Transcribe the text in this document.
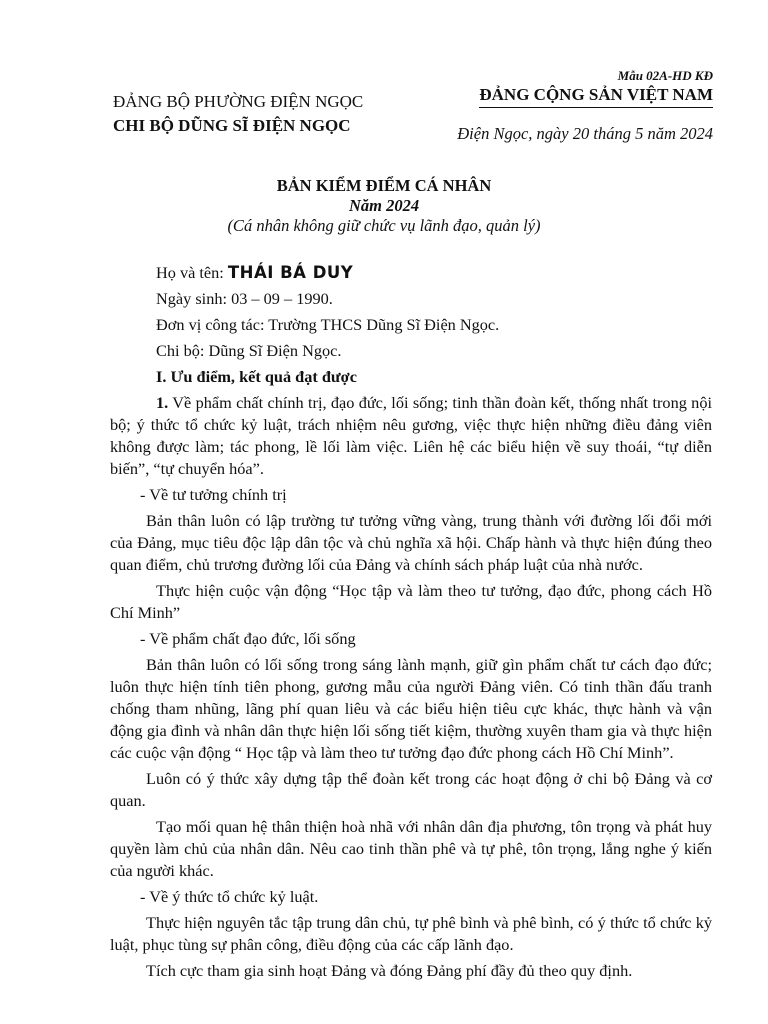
ĐẢNG BỘ PHƯỜNG ĐIỆN NGỌC
CHI BỘ DŨNG SĨ ĐIỆN NGỌC
Mẫu 02A-HD KĐ
ĐẢNG CỘNG SẢN VIỆT NAM
Điện Ngọc, ngày 20 tháng 5 năm 2024
BẢN KIỂM ĐIỂM CÁ NHÂN
Năm 2024
(Cá nhân không giữ chức vụ lãnh đạo, quản lý)

Họ và tên: THÁI BÁ DUY

Ngày sinh: 03 – 09 – 1990.

Đơn vị công tác: Trường THCS Dũng Sĩ Điện Ngọc.

Chi bộ: Dũng Sĩ Điện Ngọc.

I. Ưu điểm, kết quả đạt được

1. Về phẩm chất chính trị, đạo đức, lối sống; tinh thần đoàn kết, thống nhất trong nội bộ; ý thức tổ chức kỷ luật, trách nhiệm nêu gương, việc thực hiện những điều đảng viên không được làm; tác phong, lề lối làm việc. Liên hệ các biểu hiện về suy thoái, “tự diễn biến”, “tự chuyển hóa”.

- Về tư tưởng chính trị

Bản thân luôn có lập trường tư tưởng vững vàng, trung thành với đường lối đổi mới của Đảng, mục tiêu độc lập dân tộc và chủ nghĩa xã hội. Chấp hành và thực hiện đúng theo quan điểm, chủ trương đường lối của Đảng và chính sách pháp luật của nhà nước.

Thực hiện cuộc vận động “Học tập và làm theo tư tưởng, đạo đức, phong cách Hồ Chí Minh”

- Về phẩm chất đạo đức, lối sống

Bản thân luôn có lối sống trong sáng lành mạnh, giữ gìn phẩm chất tư cách đạo đức; luôn thực hiện tính tiên phong, gương mẫu của người Đảng viên. Có tinh thần đấu tranh chống tham nhũng, lãng phí quan liêu và các biểu hiện tiêu cực khác, thực hành và vận động gia đình và nhân dân thực hiện lối sống tiết kiệm, thường xuyên tham gia và thực hiện các cuộc vận động “ Học tập và làm theo tư tưởng đạo đức phong cách Hồ Chí Minh”.

Luôn có ý thức xây dựng tập thể đoàn kết trong các hoạt động ở chi bộ Đảng và cơ quan.

Tạo mối quan hệ thân thiện hoà nhã với nhân dân địa phương, tôn trọng và phát huy quyền làm chủ của nhân dân. Nêu cao tinh thần phê và tự phê, tôn trọng, lắng nghe ý kiến của người khác.

- Về ý thức tổ chức kỷ luật.

Thực hiện nguyên tắc tập trung dân chủ, tự phê bình và phê bình, có ý thức tổ chức kỷ luật, phục tùng sự phân công, điều động của các cấp lãnh đạo.

Tích cực tham gia sinh hoạt Đảng và đóng Đảng phí đầy đủ theo quy định.
